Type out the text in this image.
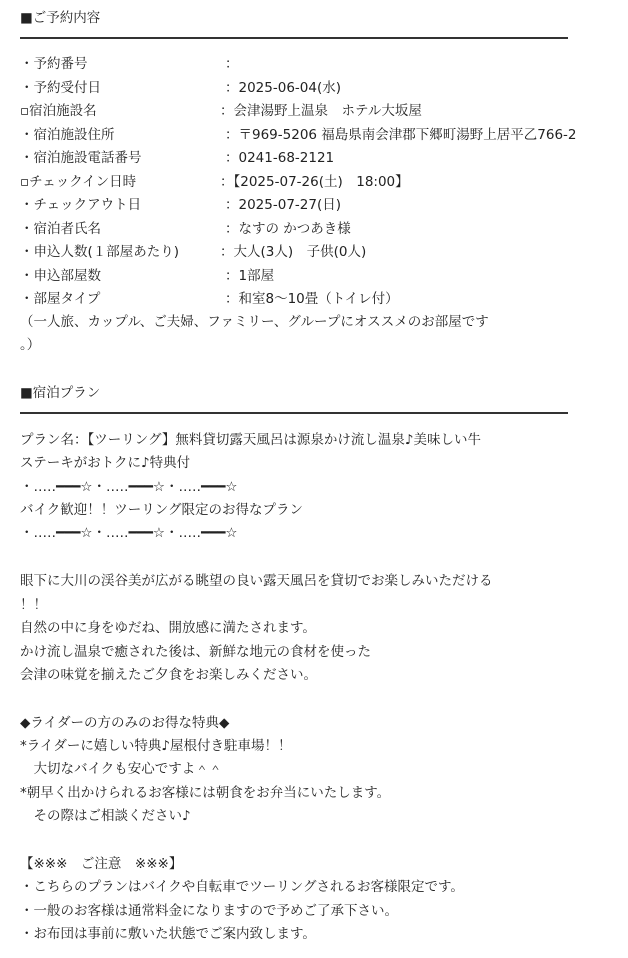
■ご予約内容
・予約番号	：
・予約受付日	：2025-06-04(水)
▫宿泊施設名	：会津湯野上温泉　ホテル大坂屋
・宿泊施設住所	：〒969-5206 福島県南会津郡下郷町湯野上居平乙766-2
・宿泊施設電話番号	：0241-68-2121
▫チェックイン日時	：【2025-07-26(土)　18:00】
・チェックアウト日	：2025-07-27(日)
・宿泊者氏名	：なすの かつあき様
・申込人数(１部屋あたり)	：大人(3人)　子供(0人)
・申込部屋数	：1部屋
・部屋タイプ	：和室8～10畳（トイレ付）
（一人旅、カップル、ご夫婦、ファミリー、グループにオススメのお部屋です
。）
■宿泊プラン
プラン名：【ツーリング】無料貸切露天風呂は源泉かけ流し温泉♪美味しい牛
ステーキがおトクに♪特典付
・‥…━━━☆・‥…━━━☆・‥…━━━☆
バイク歓迎！！ツーリング限定のお得なプラン
・‥…━━━☆・‥…━━━☆・‥…━━━☆
眼下に大川の渓谷美が広がる眺望の良い露天風呂を貸切でお楽しみいただける
！！
自然の中に身をゆだね、開放感に満たされます。
かけ流し温泉で癒された後は、新鮮な地元の食材を使った
会津の味覚を揃えたご夕食をお楽しみください。
◆ライダーの方のみのお得な特典◆
*ライダーに嬉しい特典♪屋根付き駐車場！！
　大切なバイクも安心ですよ＾＾
*朝早く出かけられるお客様には朝食をお弁当にいたします。
　その際はご相談ください♪
【※※※　ご注意　※※※】
・こちらのプランはバイクや自転車でツーリングされるお客様限定です。
・一般のお客様は通常料金になりますので予めご了承下さい。
・お布団は事前に敷いた状態でご案内致します。
